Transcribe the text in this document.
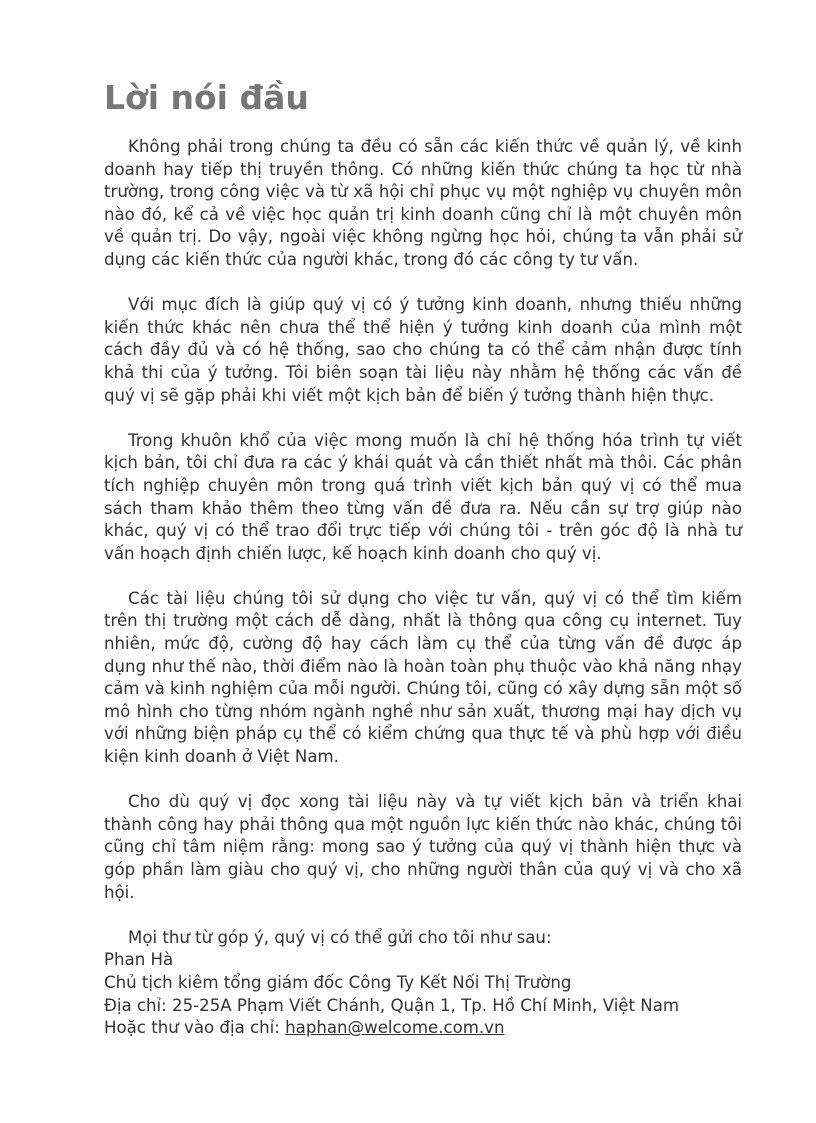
Lời nói đầu

Không phải trong chúng ta đều có sẵn các kiến thức về quản lý, về kinh doanh hay tiếp thị truyền thông. Có những kiến thức chúng ta học từ nhà trường, trong công việc và từ xã hội chỉ phục vụ một nghiệp vụ chuyên môn nào đó, kể cả về việc học quản trị kinh doanh cũng chỉ là một chuyên môn về quản trị. Do vậy, ngoài việc không ngừng học hỏi, chúng ta vẫn phải sử dụng các kiến thức của người khác, trong đó các công ty tư vấn.

Với mục đích là giúp quý vị có ý tưởng kinh doanh, nhưng thiếu những kiến thức khác nên chưa thể thể hiện ý tưởng kinh doanh của mình một cách đầy đủ và có hệ thống, sao cho chúng ta có thể cảm nhận được tính khả thi của ý tưởng. Tôi biên soạn tài liệu này nhằm hệ thống các vấn đề quý vị sẽ gặp phải khi viết một kịch bản để biến ý tưởng thành hiện thực.

Trong khuôn khổ của việc mong muốn là chỉ hệ thống hóa trình tự viết kịch bản, tôi chỉ đưa ra các ý khái quát và cần thiết nhất mà thôi. Các phân tích nghiệp chuyên môn trong quá trình viết kịch bản quý vị có thể mua sách tham khảo thêm theo từng vấn đề đưa ra. Nếu cần sự trợ giúp nào khác, quý vị có thể trao đổi trực tiếp với chúng tôi - trên góc độ là nhà tư vấn hoạch định chiến lược, kế hoạch kinh doanh cho quý vị.

Các tài liệu chúng tôi sử dụng cho việc tư vấn, quý vị có thể tìm kiếm trên thị trường một cách dễ dàng, nhất là thông qua công cụ internet. Tuy nhiên, mức độ, cường độ hay cách làm cụ thể của từng vấn đề được áp dụng như thế nào, thời điểm nào là hoàn toàn phụ thuộc vào khả năng nhạy cảm và kinh nghiệm của mỗi người. Chúng tôi, cũng có xây dựng sẵn một số mô hình cho từng nhóm ngành nghề như sản xuất, thương mại hay dịch vụ với những biện pháp cụ thể có kiểm chứng qua thực tế và phù hợp với điều kiện kinh doanh ở Việt Nam.

Cho dù quý vị đọc xong tài liệu này và tự viết kịch bản và triển khai thành công hay phải thông qua một nguồn lực kiến thức nào khác, chúng tôi cũng chỉ tâm niệm rằng: mong sao ý tưởng của quý vị thành hiện thực và góp phần làm giàu cho quý vị, cho những người thân của quý vị và cho xã hội.

Mọi thư từ góp ý, quý vị có thể gửi cho tôi như sau:

Phan Hà

Chủ tịch kiêm tổng giám đốc Công Ty Kết Nối Thị Trường

Địa chỉ: 25-25A Phạm Viết Chánh, Quận 1, Tp. Hồ Chí Minh, Việt Nam

Hoặc thư vào địa chỉ: haphan@welcome.com.vn
